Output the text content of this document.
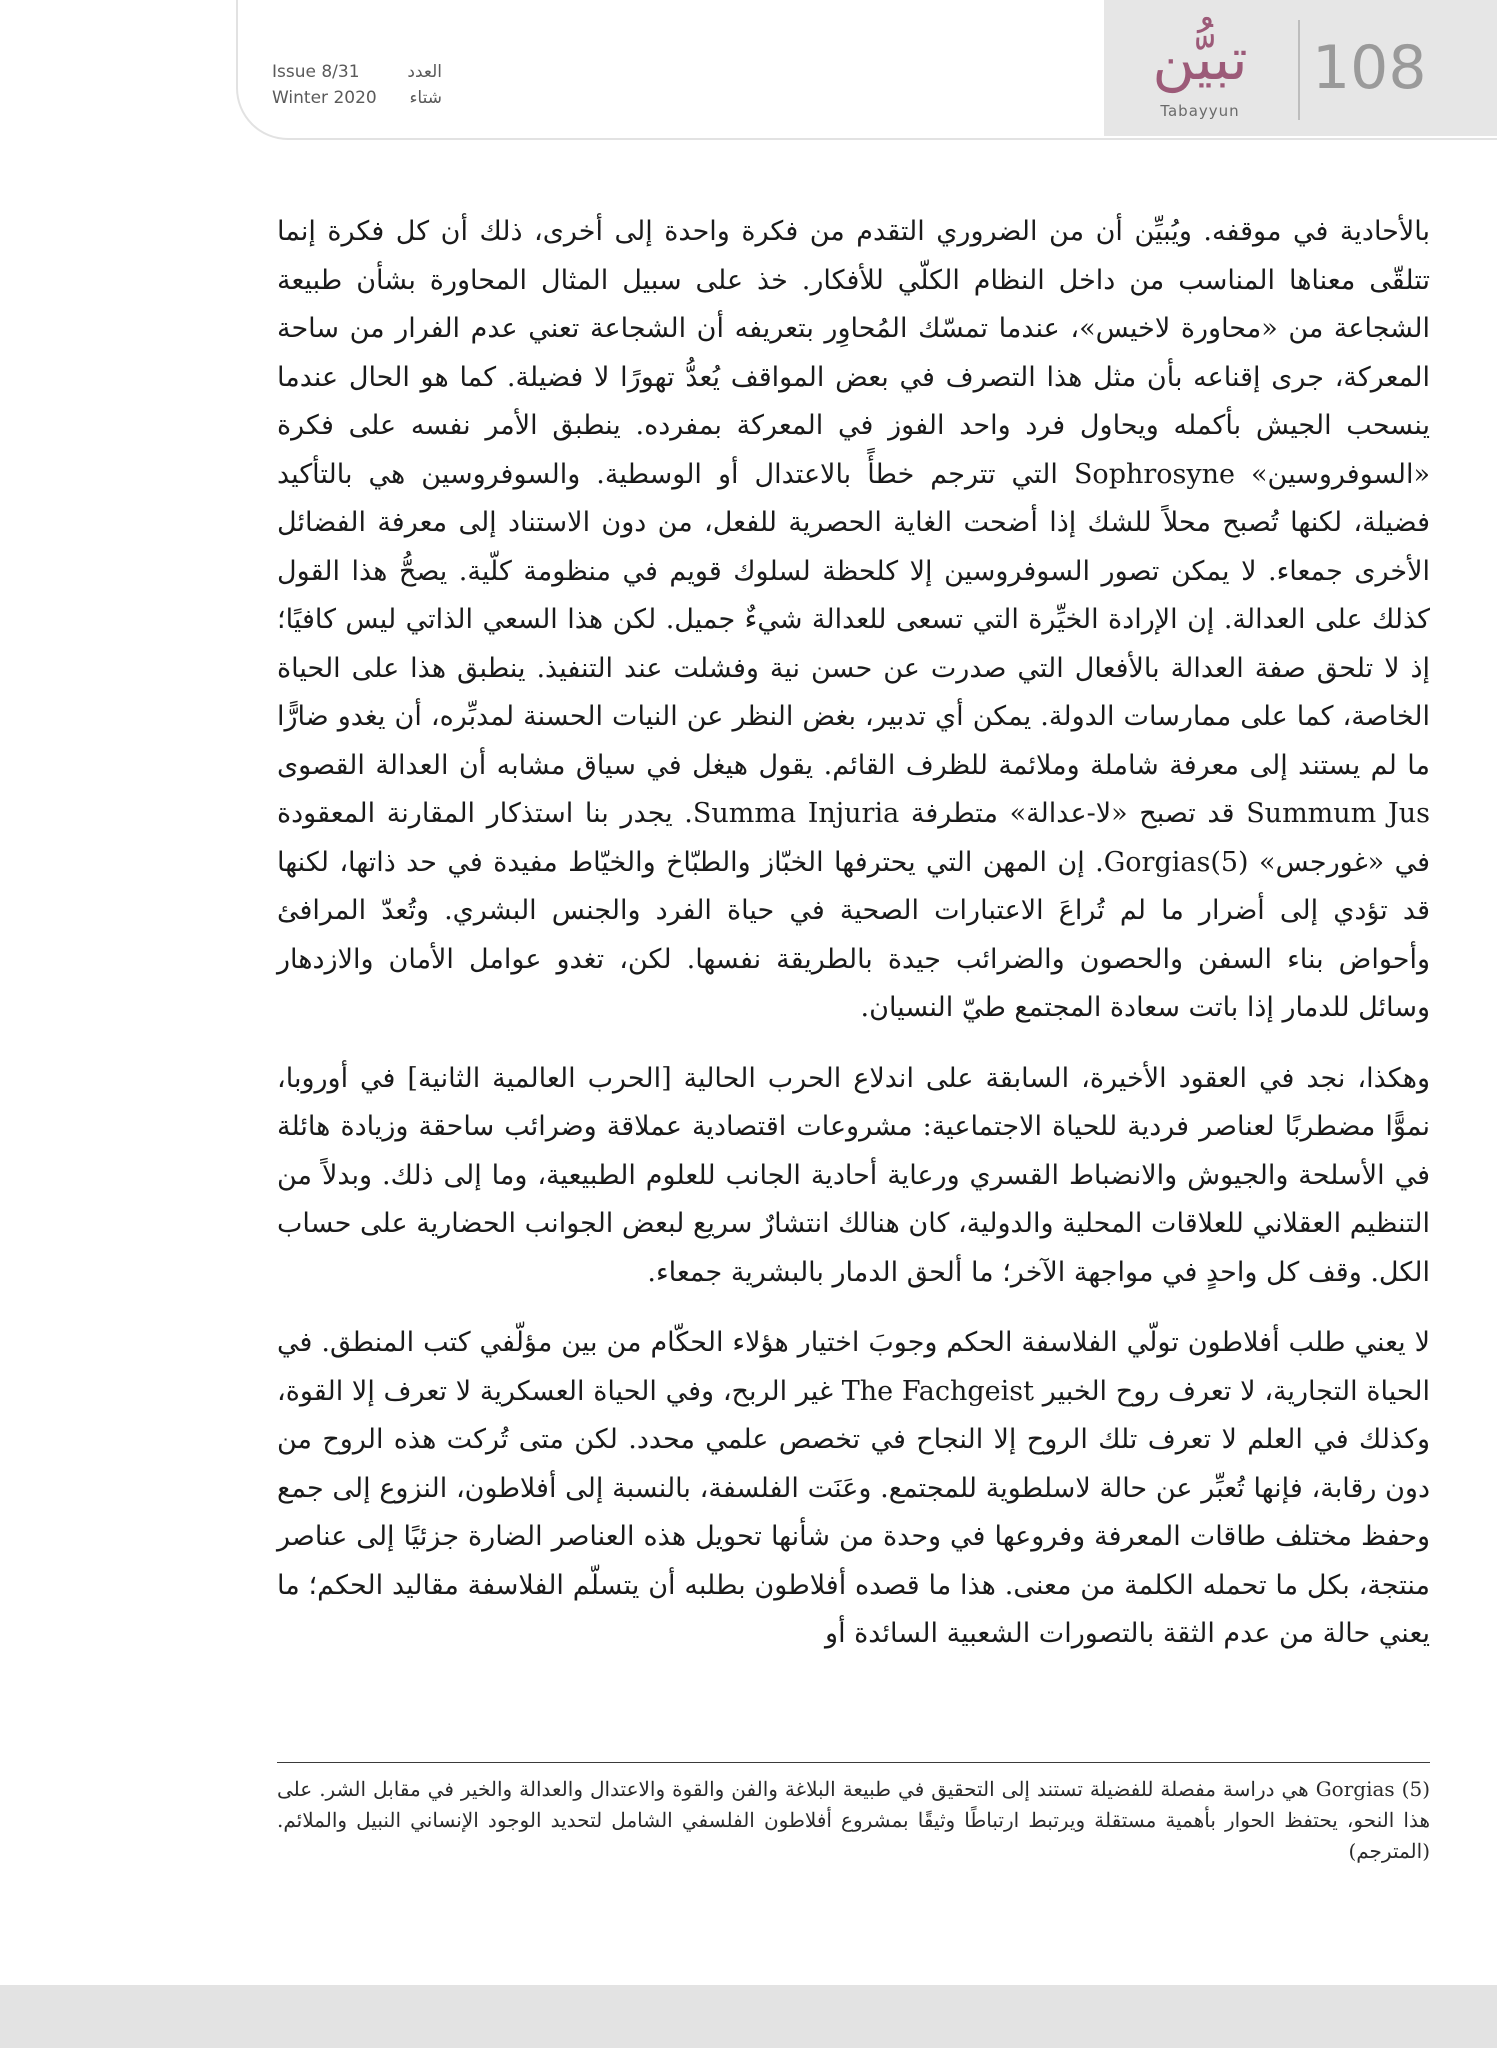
Issue 8/31	العدد
Winter 2020 شتاء
تبيُّن
Tabayyun
108

بالأحادية في موقفه. ويُبيِّن أن من الضروري التقدم من فكرة واحدة إلى أخرى، ذلك أن كل فكرة إنما تتلقّى معناها المناسب من داخل النظام الكلّي للأفكار. خذ على سبيل المثال المحاورة بشأن طبيعة الشجاعة من «محاورة لاخيس»، عندما تمسّك المُحاوِر بتعريفه أن الشجاعة تعني عدم الفرار من ساحة المعركة، جرى إقناعه بأن مثل هذا التصرف في بعض المواقف يُعدُّ تهورًا لا فضيلة. كما هو الحال عندما ينسحب الجيش بأكمله ويحاول فرد واحد الفوز في المعركة بمفرده. ينطبق الأمر نفسه على فكرة «السوفروسين» Sophrosyne التي تترجم خطأً بالاعتدال أو الوسطية. والسوفروسين هي بالتأكيد فضيلة، لكنها تُصبح محلاً للشك إذا أضحت الغاية الحصرية للفعل، من دون الاستناد إلى معرفة الفضائل الأخرى جمعاء. لا يمكن تصور السوفروسين إلا كلحظة لسلوك قويم في منظومة كلّية. يصحُّ هذا القول كذلك على العدالة. إن الإرادة الخيِّرة التي تسعى للعدالة شيءٌ جميل. لكن هذا السعي الذاتي ليس كافيًا؛ إذ لا تلحق صفة العدالة بالأفعال التي صدرت عن حسن نية وفشلت عند التنفيذ. ينطبق هذا على الحياة الخاصة، كما على ممارسات الدولة. يمكن أي تدبير، بغض النظر عن النيات الحسنة لمدبِّره، أن يغدو ضارًّا ما لم يستند إلى معرفة شاملة وملائمة للظرف القائم. يقول هيغل في سياق مشابه أن العدالة القصوى Summum Jus قد تصبح «لا-عدالة» متطرفة Summa Injuria. يجدر بنا استذكار المقارنة المعقودة في «غورجس» Gorgias(5). إن المهن التي يحترفها الخبّاز والطبّاخ والخيّاط مفيدة في حد ذاتها، لكنها قد تؤدي إلى أضرار ما لم تُراعَ الاعتبارات الصحية في حياة الفرد والجنس البشري. وتُعدّ المرافئ وأحواض بناء السفن والحصون والضرائب جيدة بالطريقة نفسها. لكن، تغدو عوامل الأمان والازدهار وسائل للدمار إذا باتت سعادة المجتمع طيّ النسيان.

وهكذا، نجد في العقود الأخيرة، السابقة على اندلاع الحرب الحالية [الحرب العالمية الثانية] في أوروبا، نموًّا مضطربًا لعناصر فردية للحياة الاجتماعية: مشروعات اقتصادية عملاقة وضرائب ساحقة وزيادة هائلة في الأسلحة والجيوش والانضباط القسري ورعاية أحادية الجانب للعلوم الطبيعية، وما إلى ذلك. وبدلاً من التنظيم العقلاني للعلاقات المحلية والدولية، كان هنالك انتشارٌ سريع لبعض الجوانب الحضارية على حساب الكل. وقف كل واحدٍ في مواجهة الآخر؛ ما ألحق الدمار بالبشرية جمعاء.

لا يعني طلب أفلاطون تولّي الفلاسفة الحكم وجوبَ اختيار هؤلاء الحكّام من بين مؤلّفي كتب المنطق. في الحياة التجارية، لا تعرف روح الخبير The Fachgeist غير الربح، وفي الحياة العسكرية لا تعرف إلا القوة، وكذلك في العلم لا تعرف تلك الروح إلا النجاح في تخصص علمي محدد. لكن متى تُركت هذه الروح من دون رقابة، فإنها تُعبِّر عن حالة لاسلطوية للمجتمع. وعَنَت الفلسفة، بالنسبة إلى أفلاطون، النزوع إلى جمع وحفظ مختلف طاقات المعرفة وفروعها في وحدة من شأنها تحويل هذه العناصر الضارة جزئيًا إلى عناصر منتجة، بكل ما تحمله الكلمة من معنى. هذا ما قصده أفلاطون بطلبه أن يتسلّم الفلاسفة مقاليد الحكم؛ ما يعني حالة من عدم الثقة بالتصورات الشعبية السائدة أو

(5) Gorgias هي دراسة مفصلة للفضيلة تستند إلى التحقيق في طبيعة البلاغة والفن والقوة والاعتدال والعدالة والخير في مقابل الشر. على هذا النحو، يحتفظ الحوار بأهمية مستقلة ويرتبط ارتباطًا وثيقًا بمشروع أفلاطون الفلسفي الشامل لتحديد الوجود الإنساني النبيل والملائم. (المترجم)
